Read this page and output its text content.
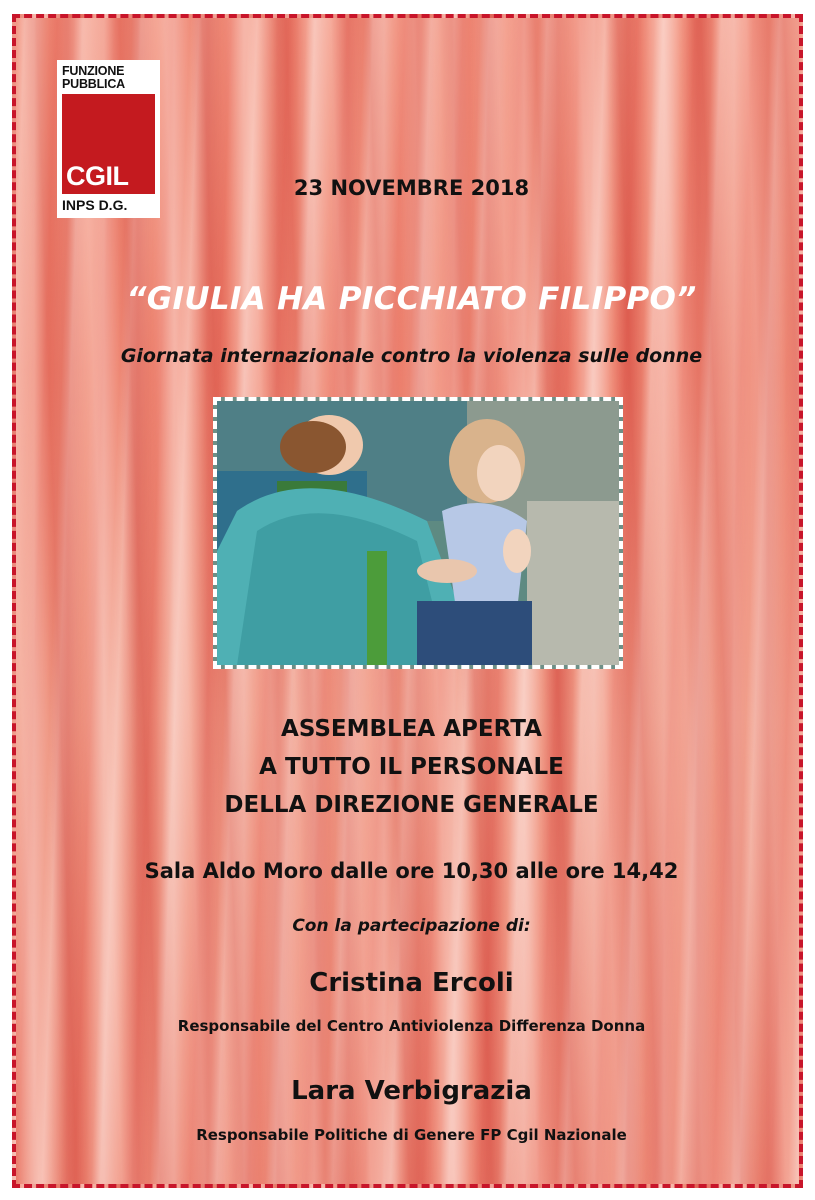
FUNZIONE
PUBBLICA
CGIL
INPS D.G.

23 NOVEMBRE 2018

“GIULIA HA PICCHIATO FILIPPO”

Giornata internazionale contro la violenza sulle donne

ASSEMBLEA APERTA
A TUTTO IL PERSONALE
DELLA DIREZIONE GENERALE

Sala Aldo Moro dalle ore 10,30 alle ore 14,42

Con la partecipazione di:

Cristina Ercoli

Responsabile del Centro Antiviolenza Differenza Donna

Lara Verbigrazia

Responsabile Politiche di Genere FP Cgil Nazionale
